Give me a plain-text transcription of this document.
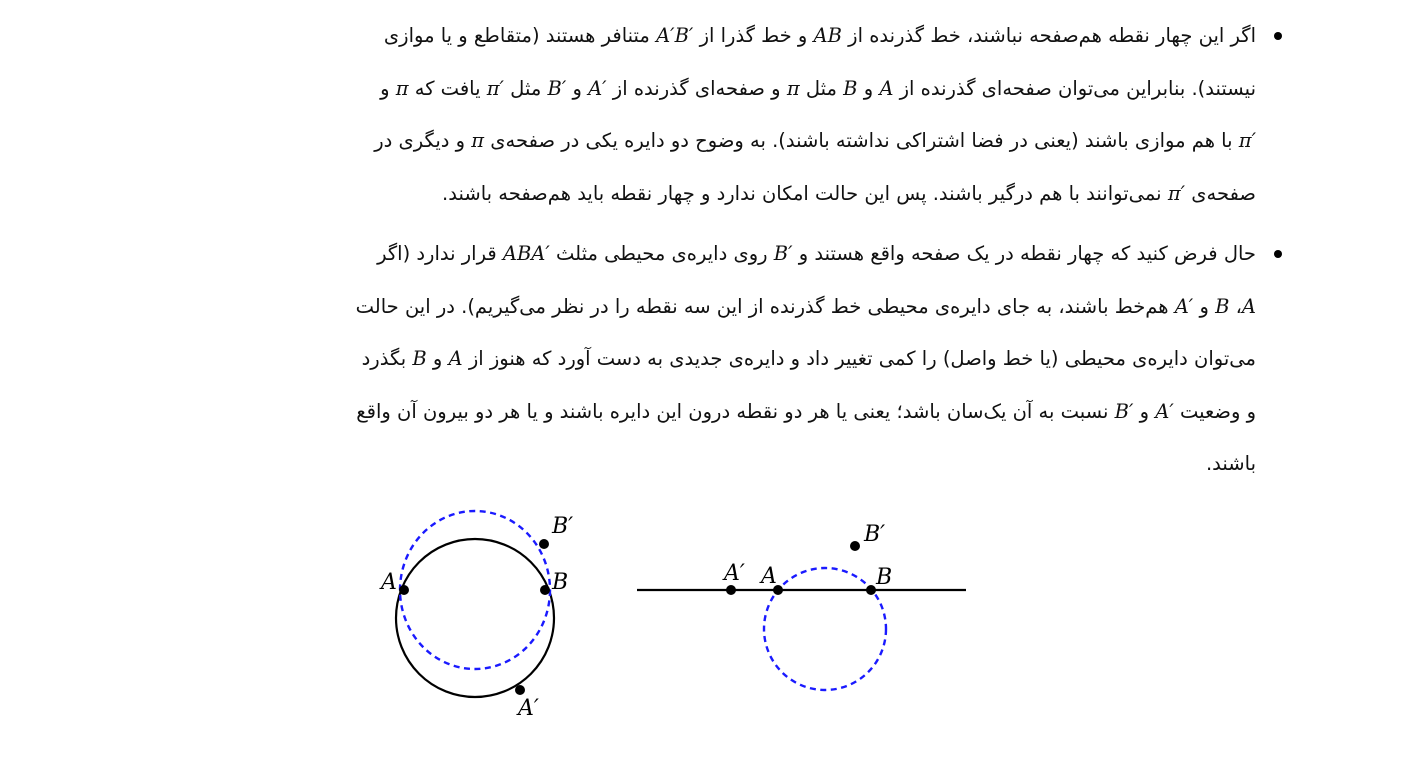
اگر این چهار نقطه هم‌صفحه نباشند، خط گذرنده از AB و خط گذرا از A′B′ متنافر هستند (متقاطع و یا موازی
نیستند). بنابراین می‌توان صفحه‌ای گذرنده از A و B مثل π و صفحه‌ای گذرنده از A′ و B′ مثل π′ یافت که π و
π′ با هم موازی باشند (یعنی در فضا اشتراکی نداشته باشند). به وضوح دو دایره یکی در صفحه‌ی π و دیگری در
صفحه‌ی π′ نمی‌توانند با هم درگیر باشند. پس این حالت امکان ندارد و چهار نقطه باید هم‌صفحه باشند.
حال فرض کنید که چهار نقطه در یک صفحه واقع هستند و B′ روی دایره‌ی محیطی مثلث ABA′ قرار ندارد (اگر
A، B و A′ هم‌خط باشند، به جای دایره‌ی محیطی خط گذرنده از این سه نقطه را در نظر می‌گیریم). در این حالت
می‌توان دایره‌ی محیطی (یا خط واصل) را کمی تغییر داد و دایره‌ی جدیدی به دست آورد که هنوز از A و B بگذرد
و وضعیت A′ و B′ نسبت به آن یک‌سان باشد؛ یعنی یا هر دو نقطه درون این دایره باشند و یا هر دو بیرون آن واقع
باشند.
A	B
A′
B′
A′ A	B
B′
